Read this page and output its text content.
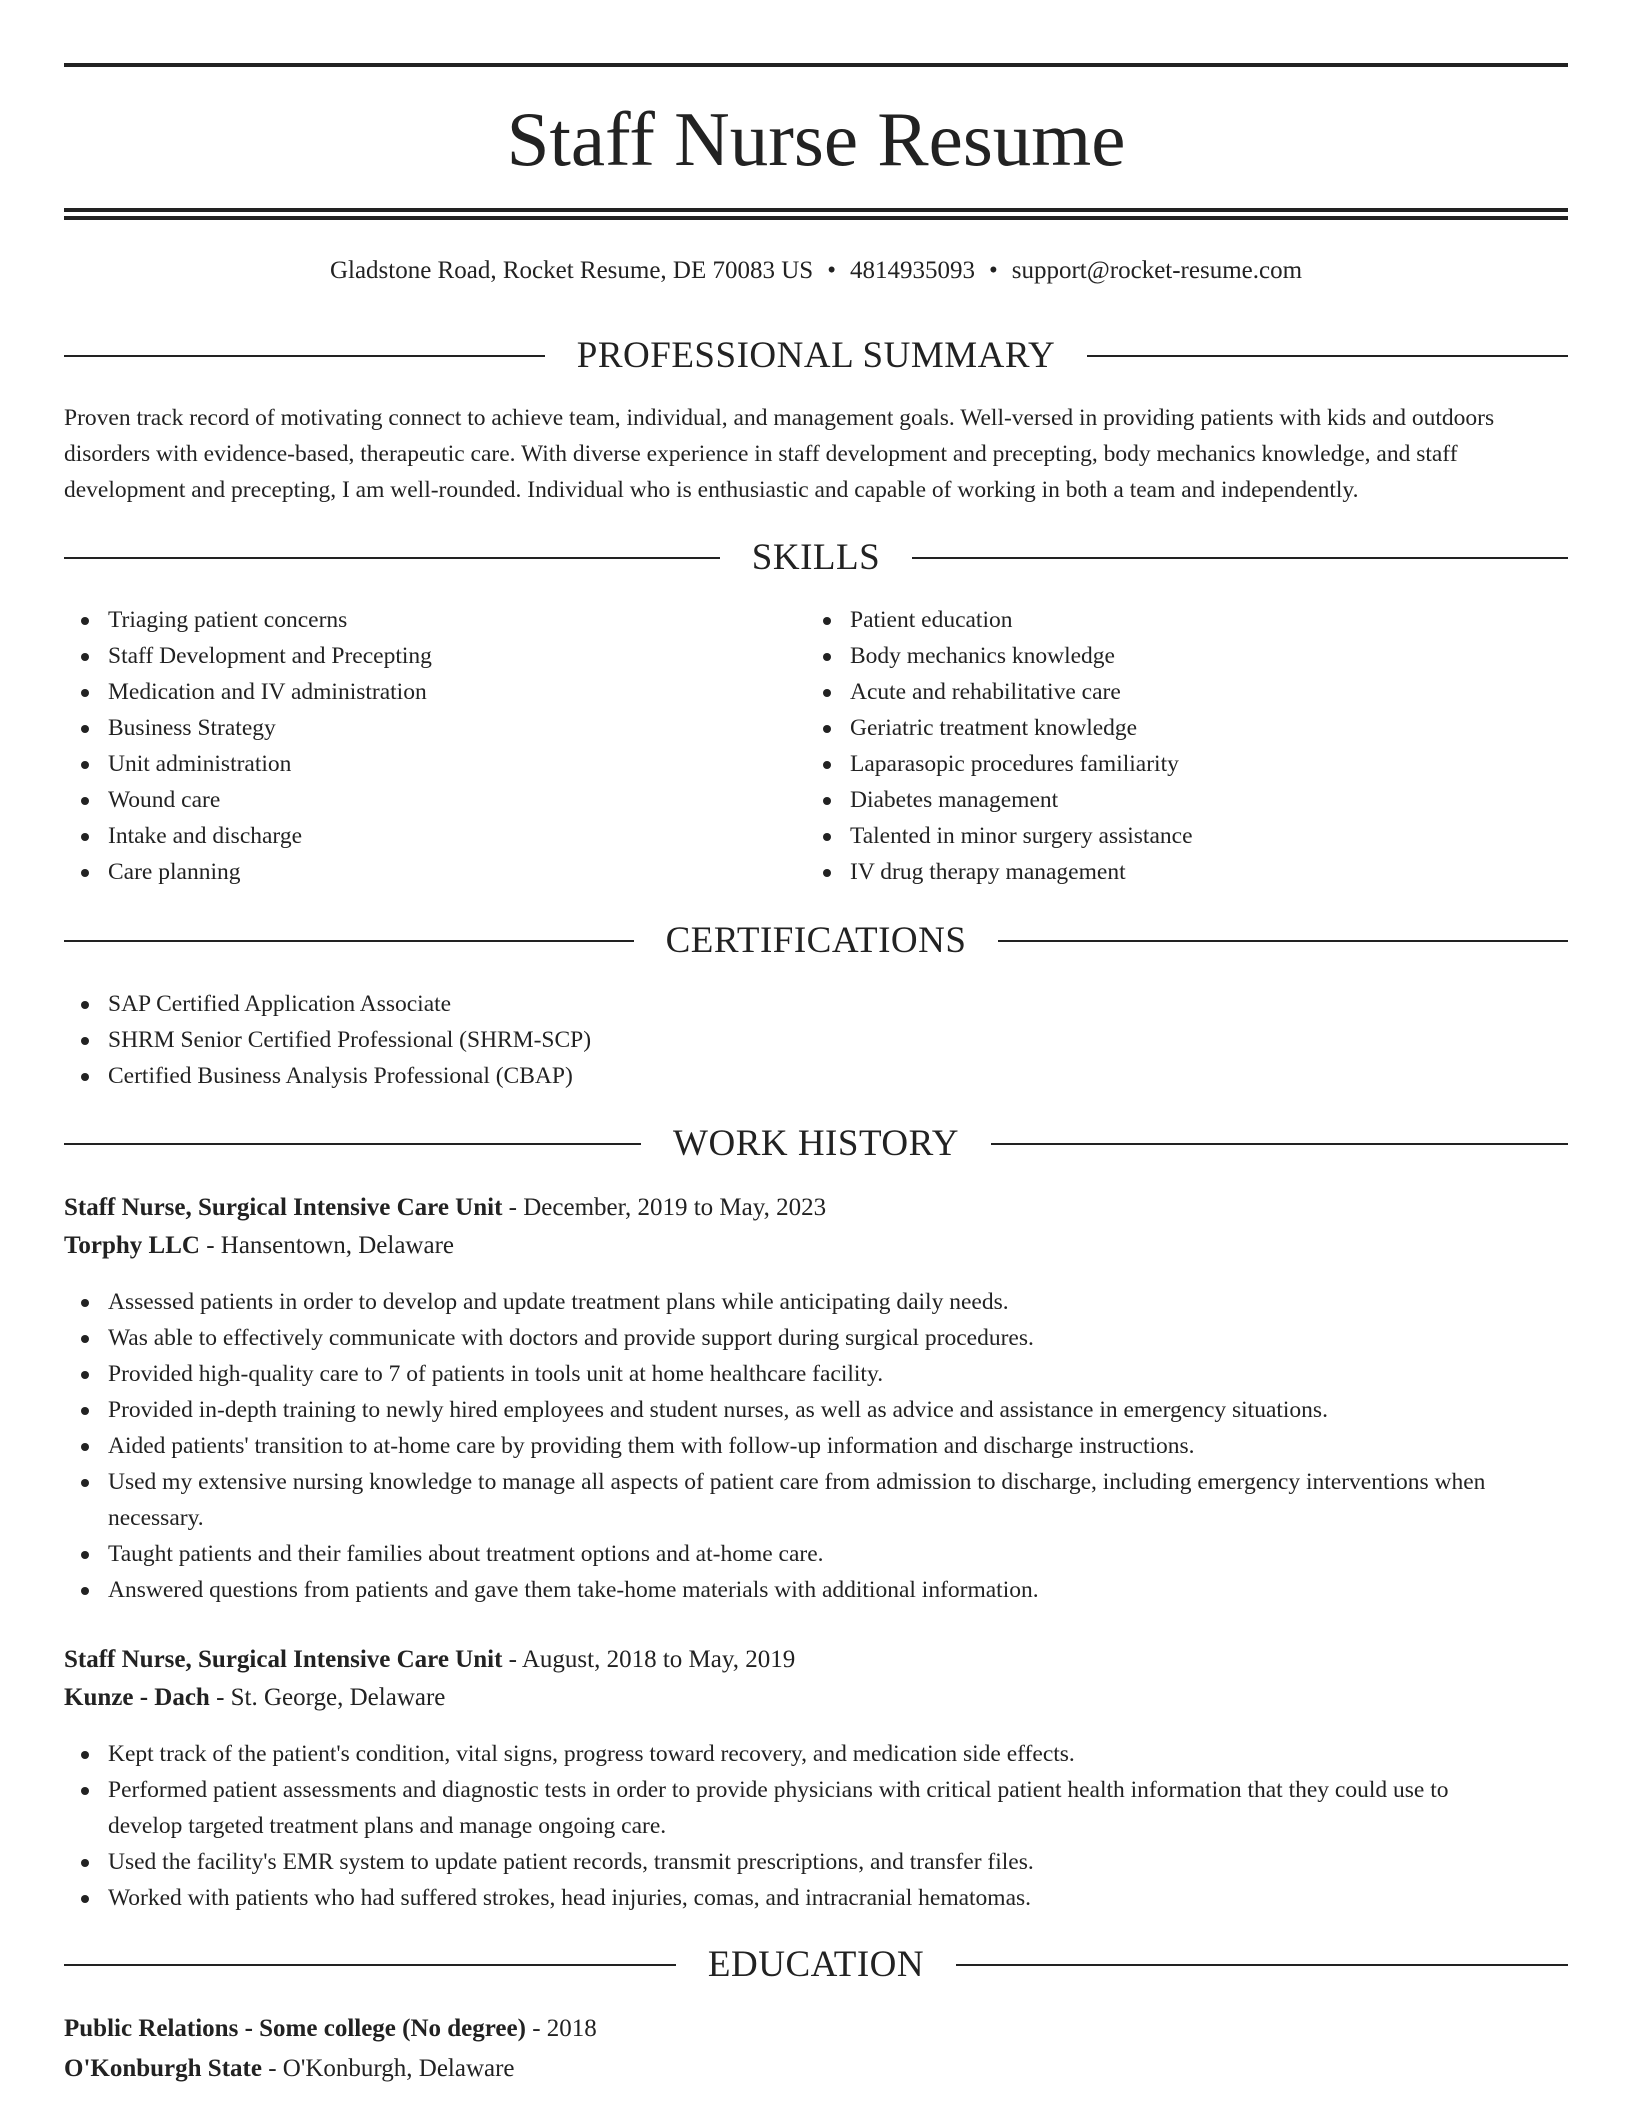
Staff Nurse Resume
Gladstone Road, Rocket Resume, DE 70083 US • 4814935093 • support@rocket-resume.com
PROFESSIONAL SUMMARY

Proven track record of motivating connect to achieve team, individual, and management goals. Well-versed in providing patients with kids and outdoors disorders with evidence-based, therapeutic care. With diverse experience in staff development and precepting, body mechanics knowledge, and staff development and precepting, I am well-rounded. Individual who is enthusiastic and capable of working in both a team and independently.

SKILLS
Triaging patient concerns
Staff Development and Precepting
Medication and IV administration
Business Strategy
Unit administration
Wound care
Intake and discharge
Care planning
Patient education
Body mechanics knowledge
Acute and rehabilitative care
Geriatric treatment knowledge
Laparasopic procedures familiarity
Diabetes management
Talented in minor surgery assistance
IV drug therapy management
CERTIFICATIONS
SAP Certified Application Associate
SHRM Senior Certified Professional (SHRM-SCP)
Certified Business Analysis Professional (CBAP)
WORK HISTORY
Staff Nurse, Surgical Intensive Care Unit - December, 2019 to May, 2023
Torphy LLC - Hansentown, Delaware
Assessed patients in order to develop and update treatment plans while anticipating daily needs.
Was able to effectively communicate with doctors and provide support during surgical procedures.
Provided high-quality care to 7 of patients in tools unit at home healthcare facility.
Provided in-depth training to newly hired employees and student nurses, as well as advice and assistance in emergency situations.
Aided patients' transition to at-home care by providing them with follow-up information and discharge instructions.
Used my extensive nursing knowledge to manage all aspects of patient care from admission to discharge, including emergency interventions when necessary.
Taught patients and their families about treatment options and at-home care.
Answered questions from patients and gave them take-home materials with additional information.
Staff Nurse, Surgical Intensive Care Unit - August, 2018 to May, 2019
Kunze - Dach - St. George, Delaware
Kept track of the patient's condition, vital signs, progress toward recovery, and medication side effects.
Performed patient assessments and diagnostic tests in order to provide physicians with critical patient health information that they could use to develop targeted treatment plans and manage ongoing care.
Used the facility's EMR system to update patient records, transmit prescriptions, and transfer files.
Worked with patients who had suffered strokes, head injuries, comas, and intracranial hematomas.
EDUCATION
Public Relations - Some college (No degree) - 2018
O'Konburgh State - O'Konburgh, Delaware
